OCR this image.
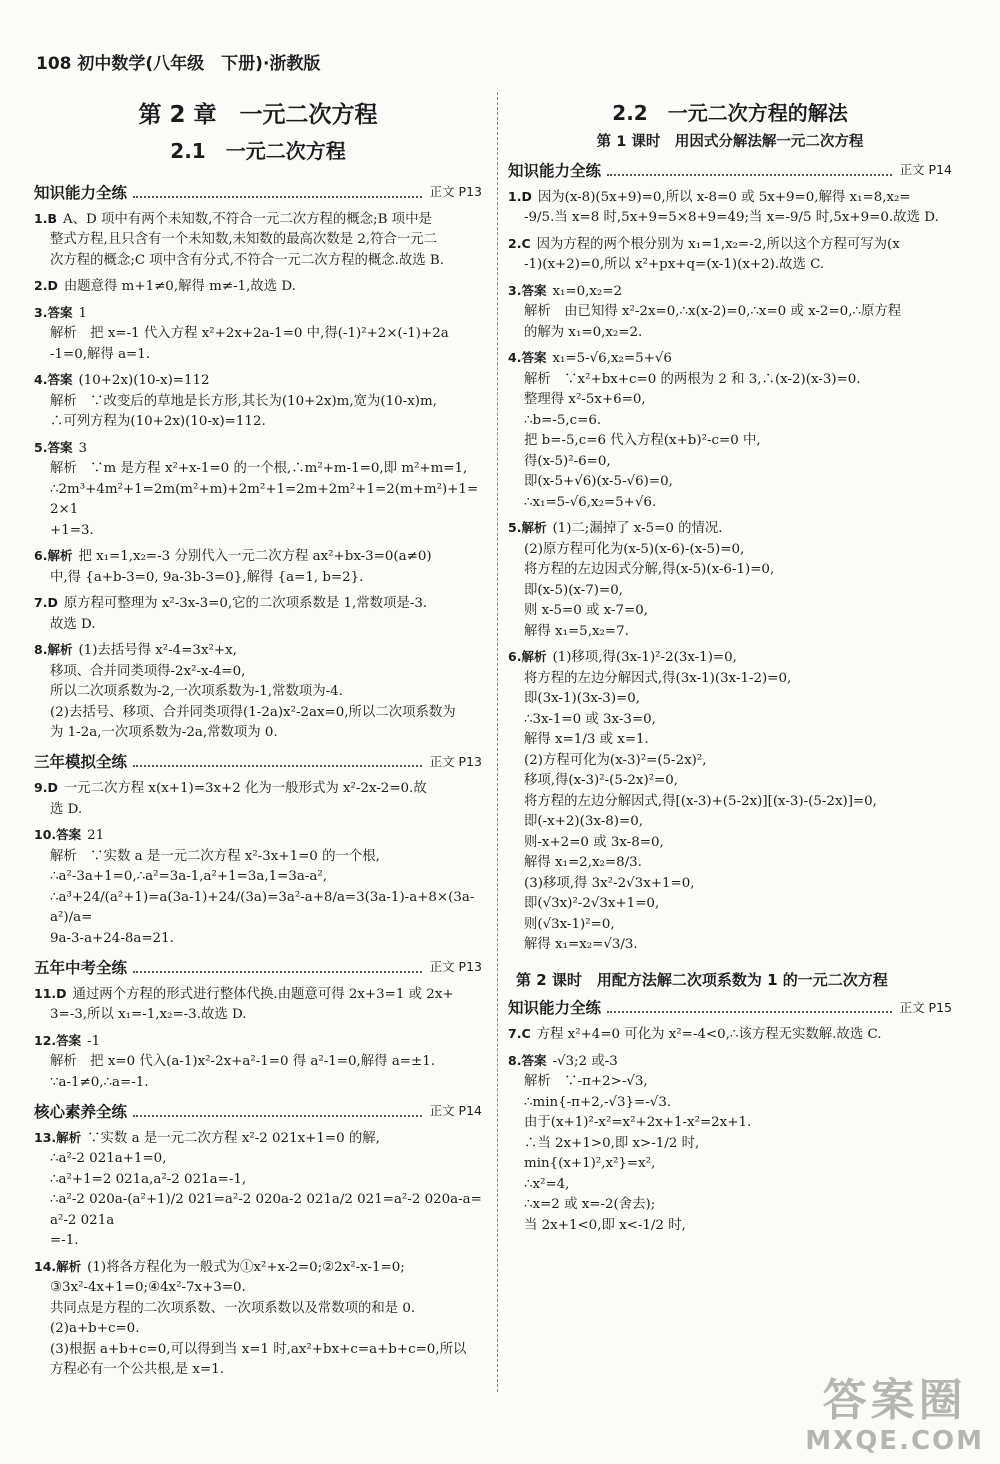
108 初中数学(八年级　下册)·浙教版
第 2 章　一元二次方程
2.1　一元二次方程
知识能力全练	正文 P13
1.B A、D 项中有两个未知数,不符合一元二次方程的概念;B 项中是
整式方程,且只含有一个未知数,未知数的最高次数是 2,符合一元二
次方程的概念;C 项中含有分式,不符合一元二次方程的概念.故选 B.
2.D 由题意得 m+1≠0,解得 m≠-1,故选 D.
3.答案 1
解析　把 x=-1 代入方程 x²+2x+2a-1=0 中,得(-1)²+2×(-1)+2a
-1=0,解得 a=1.
4.答案 (10+2x)(10-x)=112
解析　∵改变后的草地是长方形,其长为(10+2x)m,宽为(10-x)m,
∴可列方程为(10+2x)(10-x)=112.
5.答案 3
解析　∵m 是方程 x²+x-1=0 的一个根,∴m²+m-1=0,即 m²+m=1,
∴2m³+4m²+1=2m(m²+m)+2m²+1=2m+2m²+1=2(m+m²)+1=2×1
+1=3.
6.解析 把 x₁=1,x₂=-3 分别代入一元二次方程 ax²+bx-3=0(a≠0)
中,得 {a+b-3=0, 9a-3b-3=0},解得 {a=1, b=2}.
7.D 原方程可整理为 x²-3x-3=0,它的二次项系数是 1,常数项是-3.
故选 D.
8.解析 (1)去括号得 x²-4=3x²+x,
移项、合并同类项得-2x²-x-4=0,
所以二次项系数为-2,一次项系数为-1,常数项为-4.
(2)去括号、移项、合并同类项得(1-2a)x²-2ax=0,所以二次项系数为
为 1-2a,一次项系数为-2a,常数项为 0.
三年模拟全练	正文 P13
9.D 一元二次方程 x(x+1)=3x+2 化为一般形式为 x²-2x-2=0.故
选 D.
10.答案 21
解析　∵实数 a 是一元二次方程 x²-3x+1=0 的一个根,
∴a²-3a+1=0,∴a²=3a-1,a²+1=3a,1=3a-a²,
∴a³+24/(a²+1)=a(3a-1)+24/(3a)=3a²-a+8/a=3(3a-1)-a+8×(3a-a²)/a=
9a-3-a+24-8a=21.
五年中考全练	正文 P13
11.D 通过两个方程的形式进行整体代换.由题意可得 2x+3=1 或 2x+
3=-3,所以 x₁=-1,x₂=-3.故选 D.
12.答案 -1
解析　把 x=0 代入(a-1)x²-2x+a²-1=0 得 a²-1=0,解得 a=±1.
∵a-1≠0,∴a=-1.
核心素养全练	正文 P14
13.解析 ∵实数 a 是一元二次方程 x²-2 021x+1=0 的解,
∴a²-2 021a+1=0,
∴a²+1=2 021a,a²-2 021a=-1,
∴a²-2 020a-(a²+1)/2 021=a²-2 020a-2 021a/2 021=a²-2 020a-a=a²-2 021a
=-1.
14.解析 (1)将各方程化为一般式为①x²+x-2=0;②2x²-x-1=0;
③3x²-4x+1=0;④4x²-7x+3=0.
共同点是方程的二次项系数、一次项系数以及常数项的和是 0.
(2)a+b+c=0.
(3)根据 a+b+c=0,可以得到当 x=1 时,ax²+bx+c=a+b+c=0,所以
方程必有一个公共根,是 x=1.
2.2　一元二次方程的解法
第 1 课时　用因式分解法解一元二次方程
知识能力全练	正文 P14
1.D 因为(x-8)(5x+9)=0,所以 x-8=0 或 5x+9=0,解得 x₁=8,x₂=
-9/5.当 x=8 时,5x+9=5×8+9=49;当 x=-9/5 时,5x+9=0.故选 D.
2.C 因为方程的两个根分别为 x₁=1,x₂=-2,所以这个方程可写为(x
-1)(x+2)=0,所以 x²+px+q=(x-1)(x+2).故选 C.
3.答案 x₁=0,x₂=2
解析　由已知得 x²-2x=0,∴x(x-2)=0,∴x=0 或 x-2=0,∴原方程
的解为 x₁=0,x₂=2.
4.答案 x₁=5-√6,x₂=5+√6
解析　∵x²+bx+c=0 的两根为 2 和 3,∴(x-2)(x-3)=0.
整理得 x²-5x+6=0,
∴b=-5,c=6.
把 b=-5,c=6 代入方程(x+b)²-c=0 中,
得(x-5)²-6=0,
即(x-5+√6)(x-5-√6)=0,
∴x₁=5-√6,x₂=5+√6.
5.解析 (1)二;漏掉了 x-5=0 的情况.
(2)原方程可化为(x-5)(x-6)-(x-5)=0,
将方程的左边因式分解,得(x-5)(x-6-1)=0,
即(x-5)(x-7)=0,
则 x-5=0 或 x-7=0,
解得 x₁=5,x₂=7.
6.解析 (1)移项,得(3x-1)²-2(3x-1)=0,
将方程的左边分解因式,得(3x-1)(3x-1-2)=0,
即(3x-1)(3x-3)=0,
∴3x-1=0 或 3x-3=0,
解得 x=1/3 或 x=1.
(2)方程可化为(x-3)²=(5-2x)²,
移项,得(x-3)²-(5-2x)²=0,
将方程的左边分解因式,得[(x-3)+(5-2x)][(x-3)-(5-2x)]=0,
即(-x+2)(3x-8)=0,
则-x+2=0 或 3x-8=0,
解得 x₁=2,x₂=8/3.
(3)移项,得 3x²-2√3x+1=0,
即(√3x)²-2√3x+1=0,
则(√3x-1)²=0,
解得 x₁=x₂=√3/3.
第 2 课时　用配方法解二次项系数为 1 的一元二次方程
知识能力全练	正文 P15
7.C 方程 x²+4=0 可化为 x²=-4<0,∴该方程无实数解.故选 C.
8.答案 -√3;2 或-3
解析　∵-π+2>-√3,
∴min{-π+2,-√3}=-√3.
由于(x+1)²-x²=x²+2x+1-x²=2x+1.
∴当 2x+1>0,即 x>-1/2 时,
min{(x+1)²,x²}=x²,
∴x²=4,
∴x=2 或 x=-2(舍去);
当 2x+1<0,即 x<-1/2 时,
答案圈
MXQE.COM
